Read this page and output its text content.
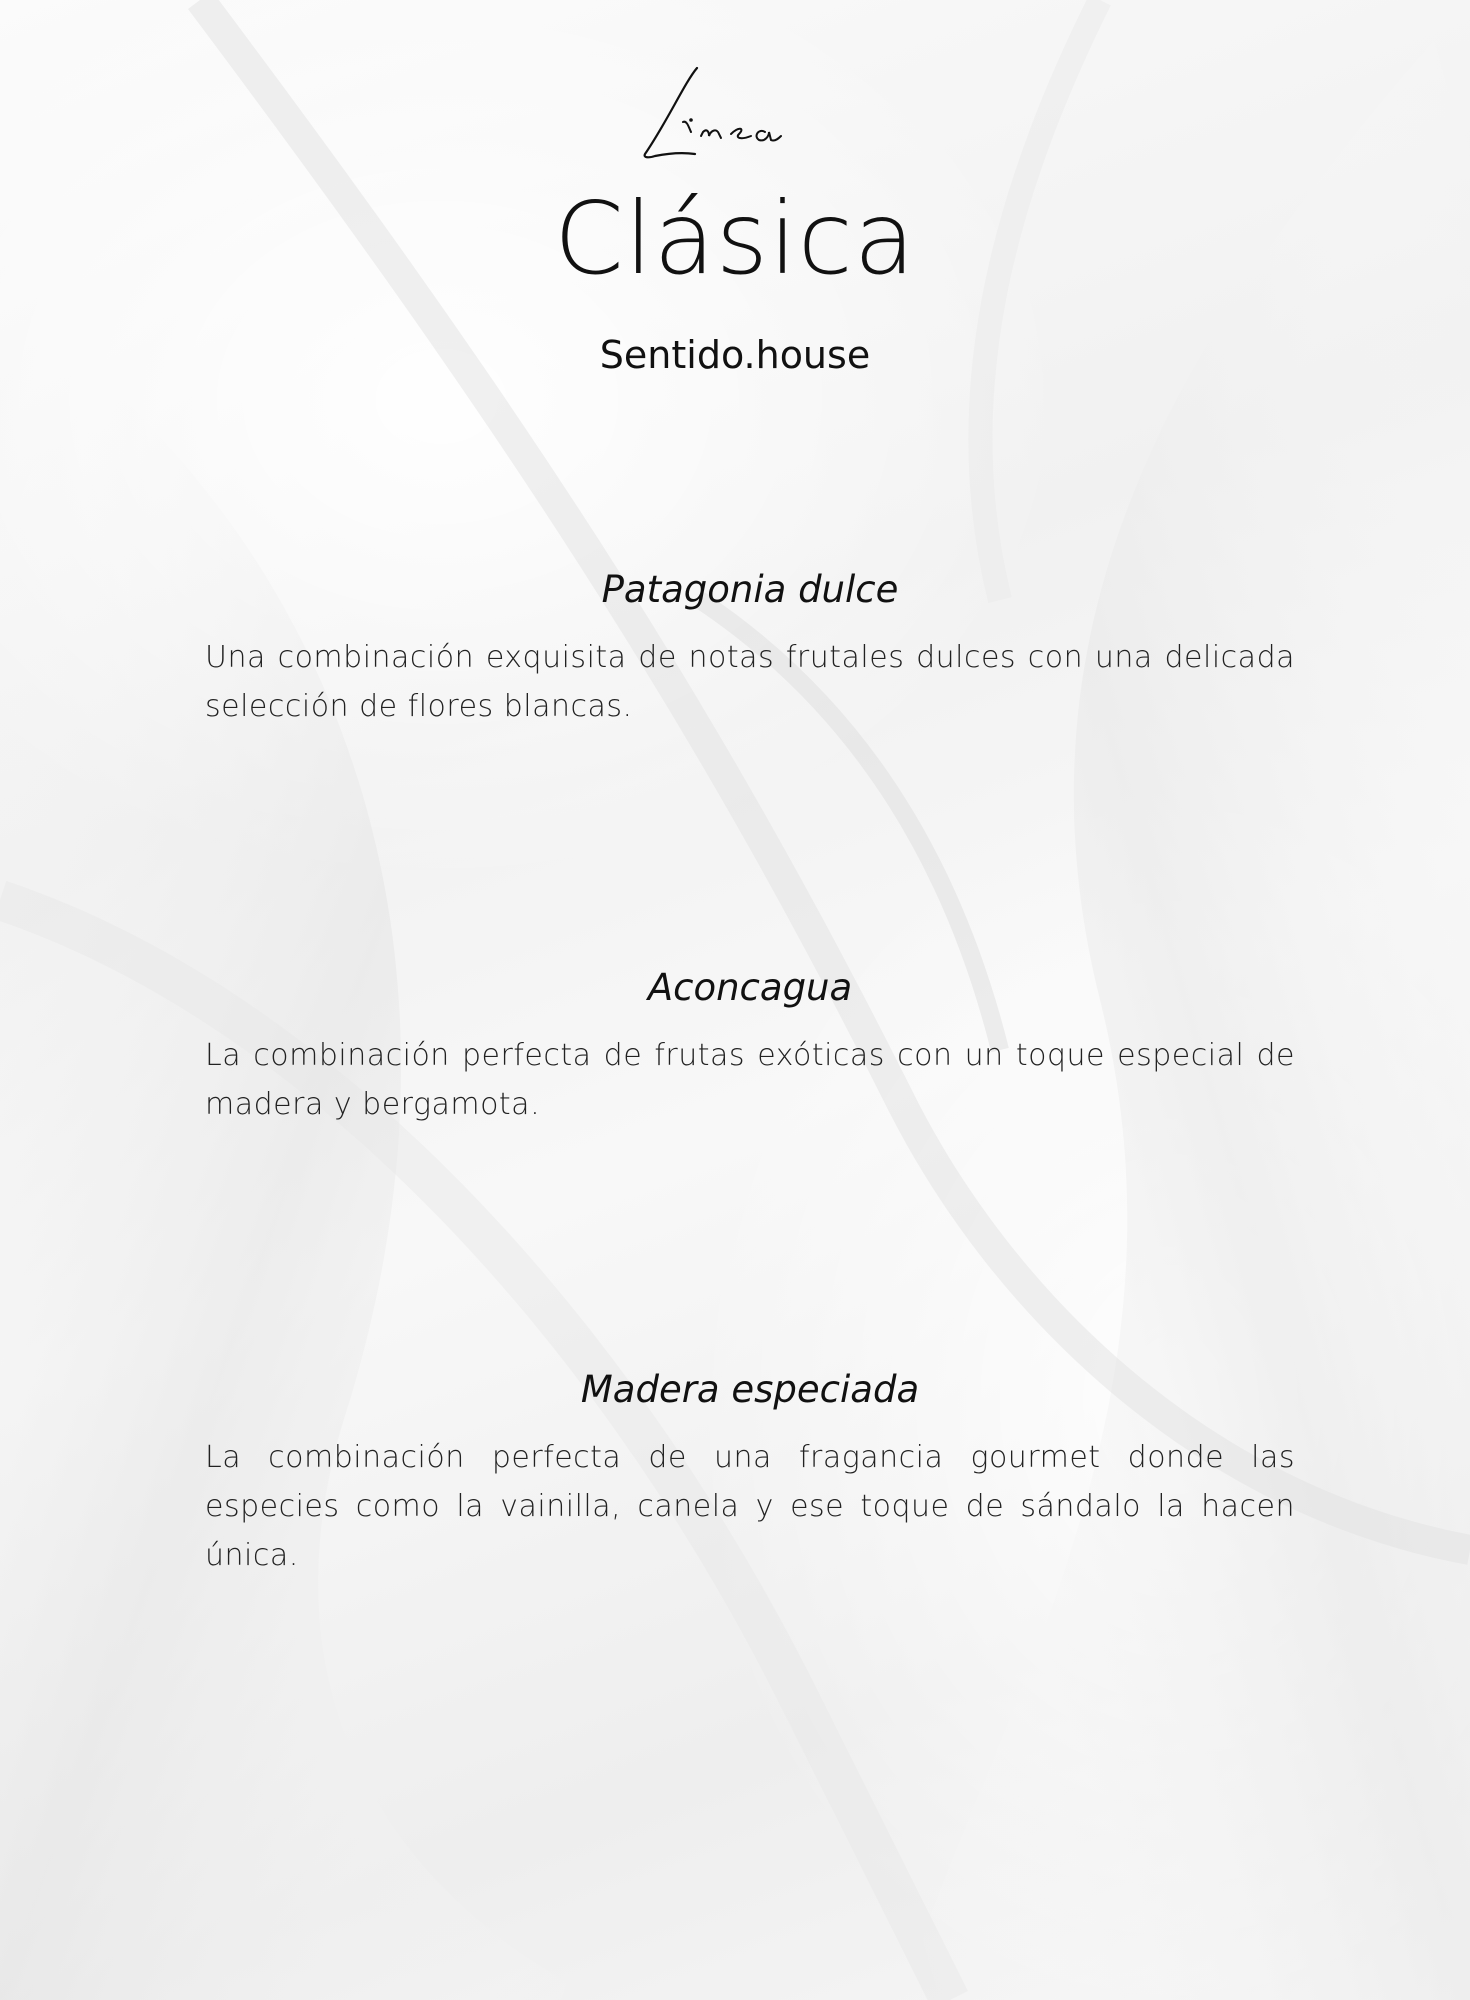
Clásica
Sentido.house
Patagonia dulce

Una combinación exquisita de notas frutales dulces con una delicada selección de flores blancas.

Aconcagua

La combinación perfecta de frutas exóticas con un toque especial de madera y bergamota.

Madera especiada

La combinación perfecta de una fragancia gourmet donde las especies como la vainilla, canela y ese toque de sándalo la hacen única.
